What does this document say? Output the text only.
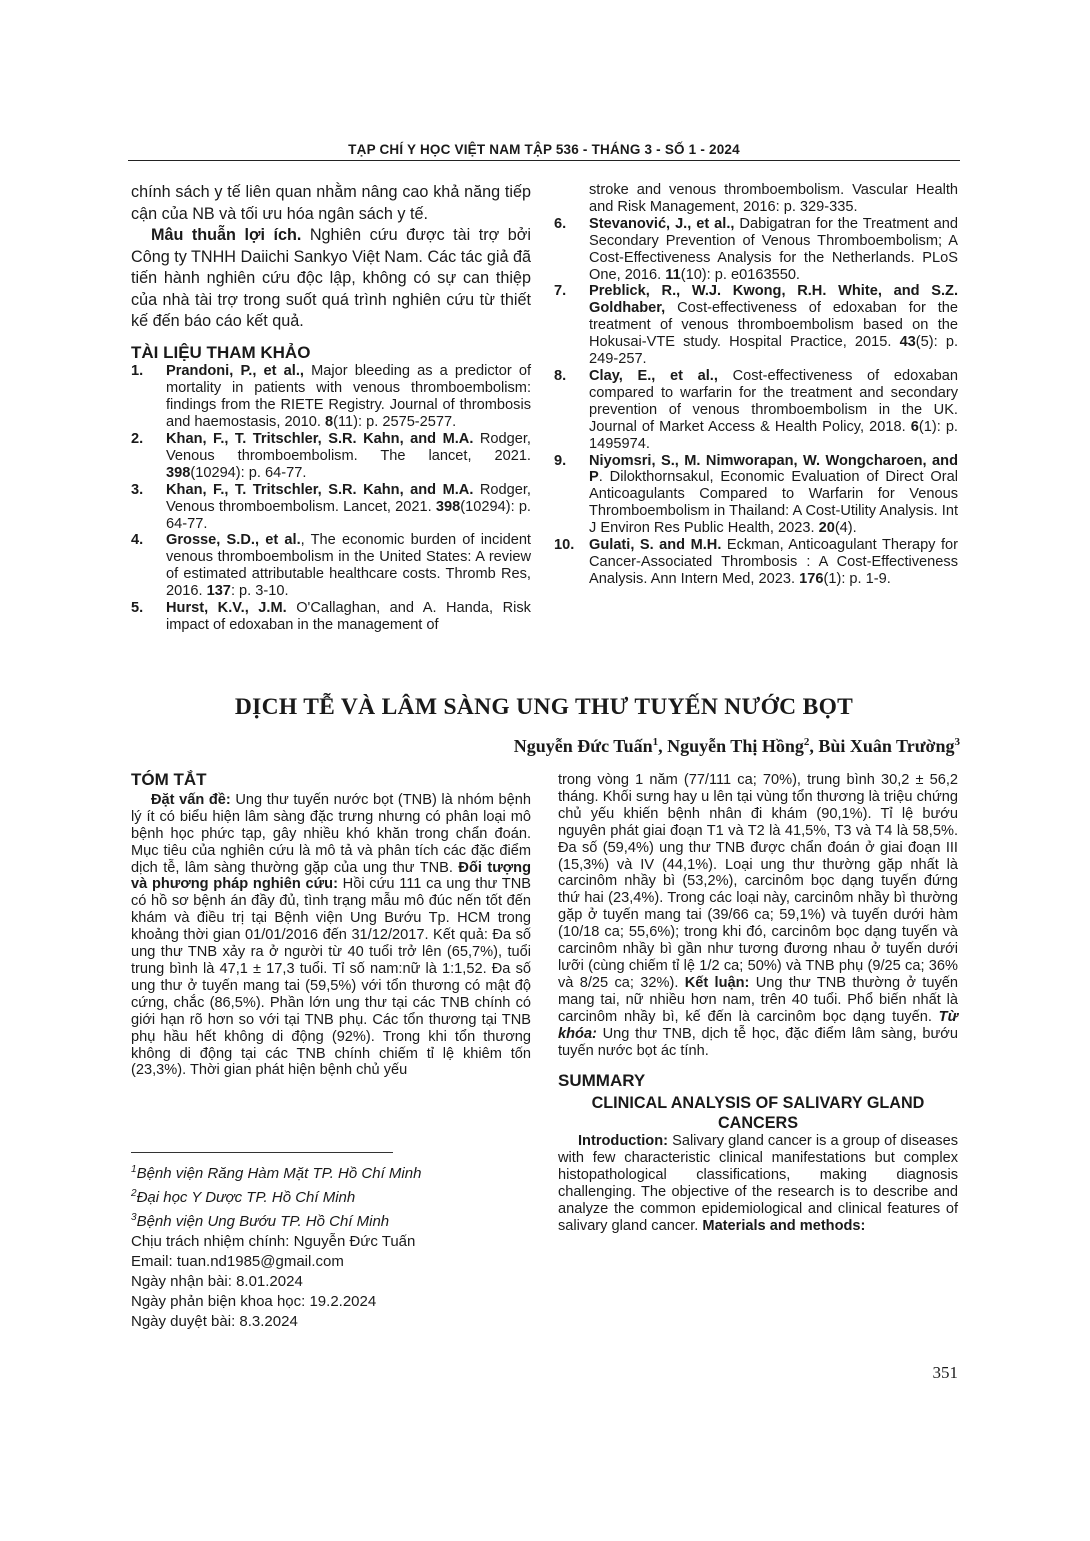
TẠP CHÍ Y HỌC VIỆT NAM TẬP 536 - THÁNG 3 - SỐ 1 - 2024

chính sách y tế liên quan nhằm nâng cao khả năng tiếp cận của NB và tối ưu hóa ngân sách y tế.

Mâu thuẫn lợi ích. Nghiên cứu được tài trợ bởi Công ty TNHH Daiichi Sankyo Việt Nam. Các tác giả đã tiến hành nghiên cứu độc lập, không có sự can thiệp của nhà tài trợ trong suốt quá trình nghiên cứu từ thiết kế đến báo cáo kết quả.

TÀI LIỆU THAM KHẢO
1. Prandoni, P., et al., Major bleeding as a predictor of mortality in patients with venous thromboembolism: findings from the RIETE Registry. Journal of thrombosis and haemostasis, 2010. 8(11): p. 2575-2577.
2. Khan, F., T. Tritschler, S.R. Kahn, and M.A. Rodger, Venous thromboembolism. The lancet, 2021. 398(10294): p. 64-77.
3. Khan, F., T. Tritschler, S.R. Kahn, and M.A. Rodger, Venous thromboembolism. Lancet, 2021. 398(10294): p. 64-77.
4. Grosse, S.D., et al., The economic burden of incident venous thromboembolism in the United States: A review of estimated attributable healthcare costs. Thromb Res, 2016. 137: p. 3-10.
5. Hurst, K.V., J.M. O'Callaghan, and A. Handa, Risk impact of edoxaban in the management of

stroke and venous thromboembolism. Vascular Health and Risk Management, 2016: p. 329-335.

6. Stevanović, J., et al., Dabigatran for the Treatment and Secondary Prevention of Venous Thromboembolism; A Cost-Effectiveness Analysis for the Netherlands. PLoS One, 2016. 11(10): p. e0163550.
7. Preblick, R., W.J. Kwong, R.H. White, and S.Z. Goldhaber, Cost-effectiveness of edoxaban for the treatment of venous thromboembolism based on the Hokusai-VTE study. Hospital Practice, 2015. 43(5): p. 249-257.
8. Clay, E., et al., Cost-effectiveness of edoxaban compared to warfarin for the treatment and secondary prevention of venous thromboembolism in the UK. Journal of Market Access & Health Policy, 2018. 6(1): p. 1495974.
9. Niyomsri, S., M. Nimworapan, W. Wongcharoen, and P. Dilokthornsakul, Economic Evaluation of Direct Oral Anticoagulants Compared to Warfarin for Venous Thromboembolism in Thailand: A Cost-Utility Analysis. Int J Environ Res Public Health, 2023. 20(4).
10. Gulati, S. and M.H. Eckman, Anticoagulant Therapy for Cancer-Associated Thrombosis : A Cost-Effectiveness Analysis. Ann Intern Med, 2023. 176(1): p. 1-9.
DỊCH TỄ VÀ LÂM SÀNG UNG THƯ TUYẾN NƯỚC BỌT
Nguyễn Đức Tuấn$^1$, Nguyễn Thị Hồng$^2$, Bùi Xuân Trường$^3$
TÓM TẮT

Đặt vấn đề: Ung thư tuyến nước bọt (TNB) là nhóm bệnh lý ít có biểu hiện lâm sàng đặc trưng nhưng có phân loại mô bệnh học phức tạp, gây nhiều khó khăn trong chẩn đoán. Mục tiêu của nghiên cứu là mô tả và phân tích các đặc điểm dịch tễ, lâm sàng thường gặp của ung thư TNB. Đối tượng và phương pháp nghiên cứu: Hồi cứu 111 ca ung thư TNB có hồ sơ bệnh án đầy đủ, tình trạng mẫu mô đúc nến tốt đến khám và điều trị tại Bệnh viện Ung Bướu Tp. HCM trong khoảng thời gian 01/01/2016 đến 31/12/2017. Kết quả: Đa số ung thư TNB xảy ra ở người từ 40 tuổi trở lên (65,7%), tuổi trung bình là 47,1 ± 17,3 tuổi. Tỉ số nam:nữ là 1:1,52. Đa số ung thư ở tuyến mang tai (59,5%) với tổn thương có mật độ cứng, chắc (86,5%). Phần lớn ung thư tại các TNB chính có giới hạn rõ hơn so với tại TNB phụ. Các tổn thương tại TNB phụ hầu hết không di động (92%). Trong khi tổn thương không di động tại các TNB chính chiếm tỉ lệ khiêm tốn (23,3%). Thời gian phát hiện bệnh chủ yếu

trong vòng 1 năm (77/111 ca; 70%), trung bình 30,2 ± 56,2 tháng. Khối sưng hay u lên tại vùng tổn thương là triệu chứng chủ yếu khiến bệnh nhân đi khám (90,1%). Tỉ lệ bướu nguyên phát giai đoạn T1 và T2 là 41,5%, T3 và T4 là 58,5%. Đa số (59,4%) ung thư TNB được chẩn đoán ở giai đoạn III (15,3%) và IV (44,1%). Loại ung thư thường gặp nhất là carcinôm nhầy bì (53,2%), carcinôm bọc dạng tuyến đứng thứ hai (23,4%). Trong các loại này, carcinôm nhầy bì thường gặp ở tuyến mang tai (39/66 ca; 59,1%) và tuyến dưới hàm (10/18 ca; 55,6%); trong khi đó, carcinôm bọc dạng tuyến và carcinôm nhầy bì gần như tương đương nhau ở tuyến dưới lưỡi (cùng chiếm tỉ lệ 1/2 ca; 50%) và TNB phụ (9/25 ca; 36% và 8/25 ca; 32%). Kết luận: Ung thư TNB thường ở tuyến mang tai, nữ nhiều hơn nam, trên 40 tuổi. Phổ biến nhất là carcinôm nhầy bì, kế đến là carcinôm bọc dạng tuyến. Từ khóa: Ung thư TNB, dịch tễ học, đặc điểm lâm sàng, bướu tuyến nước bọt ác tính.

SUMMARY
CLINICAL ANALYSIS OF SALIVARY GLAND CANCERS

Introduction: Salivary gland cancer is a group of diseases with few characteristic clinical manifestations but complex histopathological classifications, making diagnosis challenging. The objective of the research is to describe and analyze the common epidemiological and clinical features of salivary gland cancer. Materials and methods:

$^1$Bệnh viện Răng Hàm Mặt TP. Hồ Chí Minh
$^2$Đại học Y Dược TP. Hồ Chí Minh
$^3$Bệnh viện Ung Bướu TP. Hồ Chí Minh
Chịu trách nhiệm chính: Nguyễn Đức Tuấn
Email: tuan.nd1985@gmail.com
Ngày nhận bài: 8.01.2024
Ngày phản biện khoa học: 19.2.2024
Ngày duyệt bài: 8.3.2024
351
